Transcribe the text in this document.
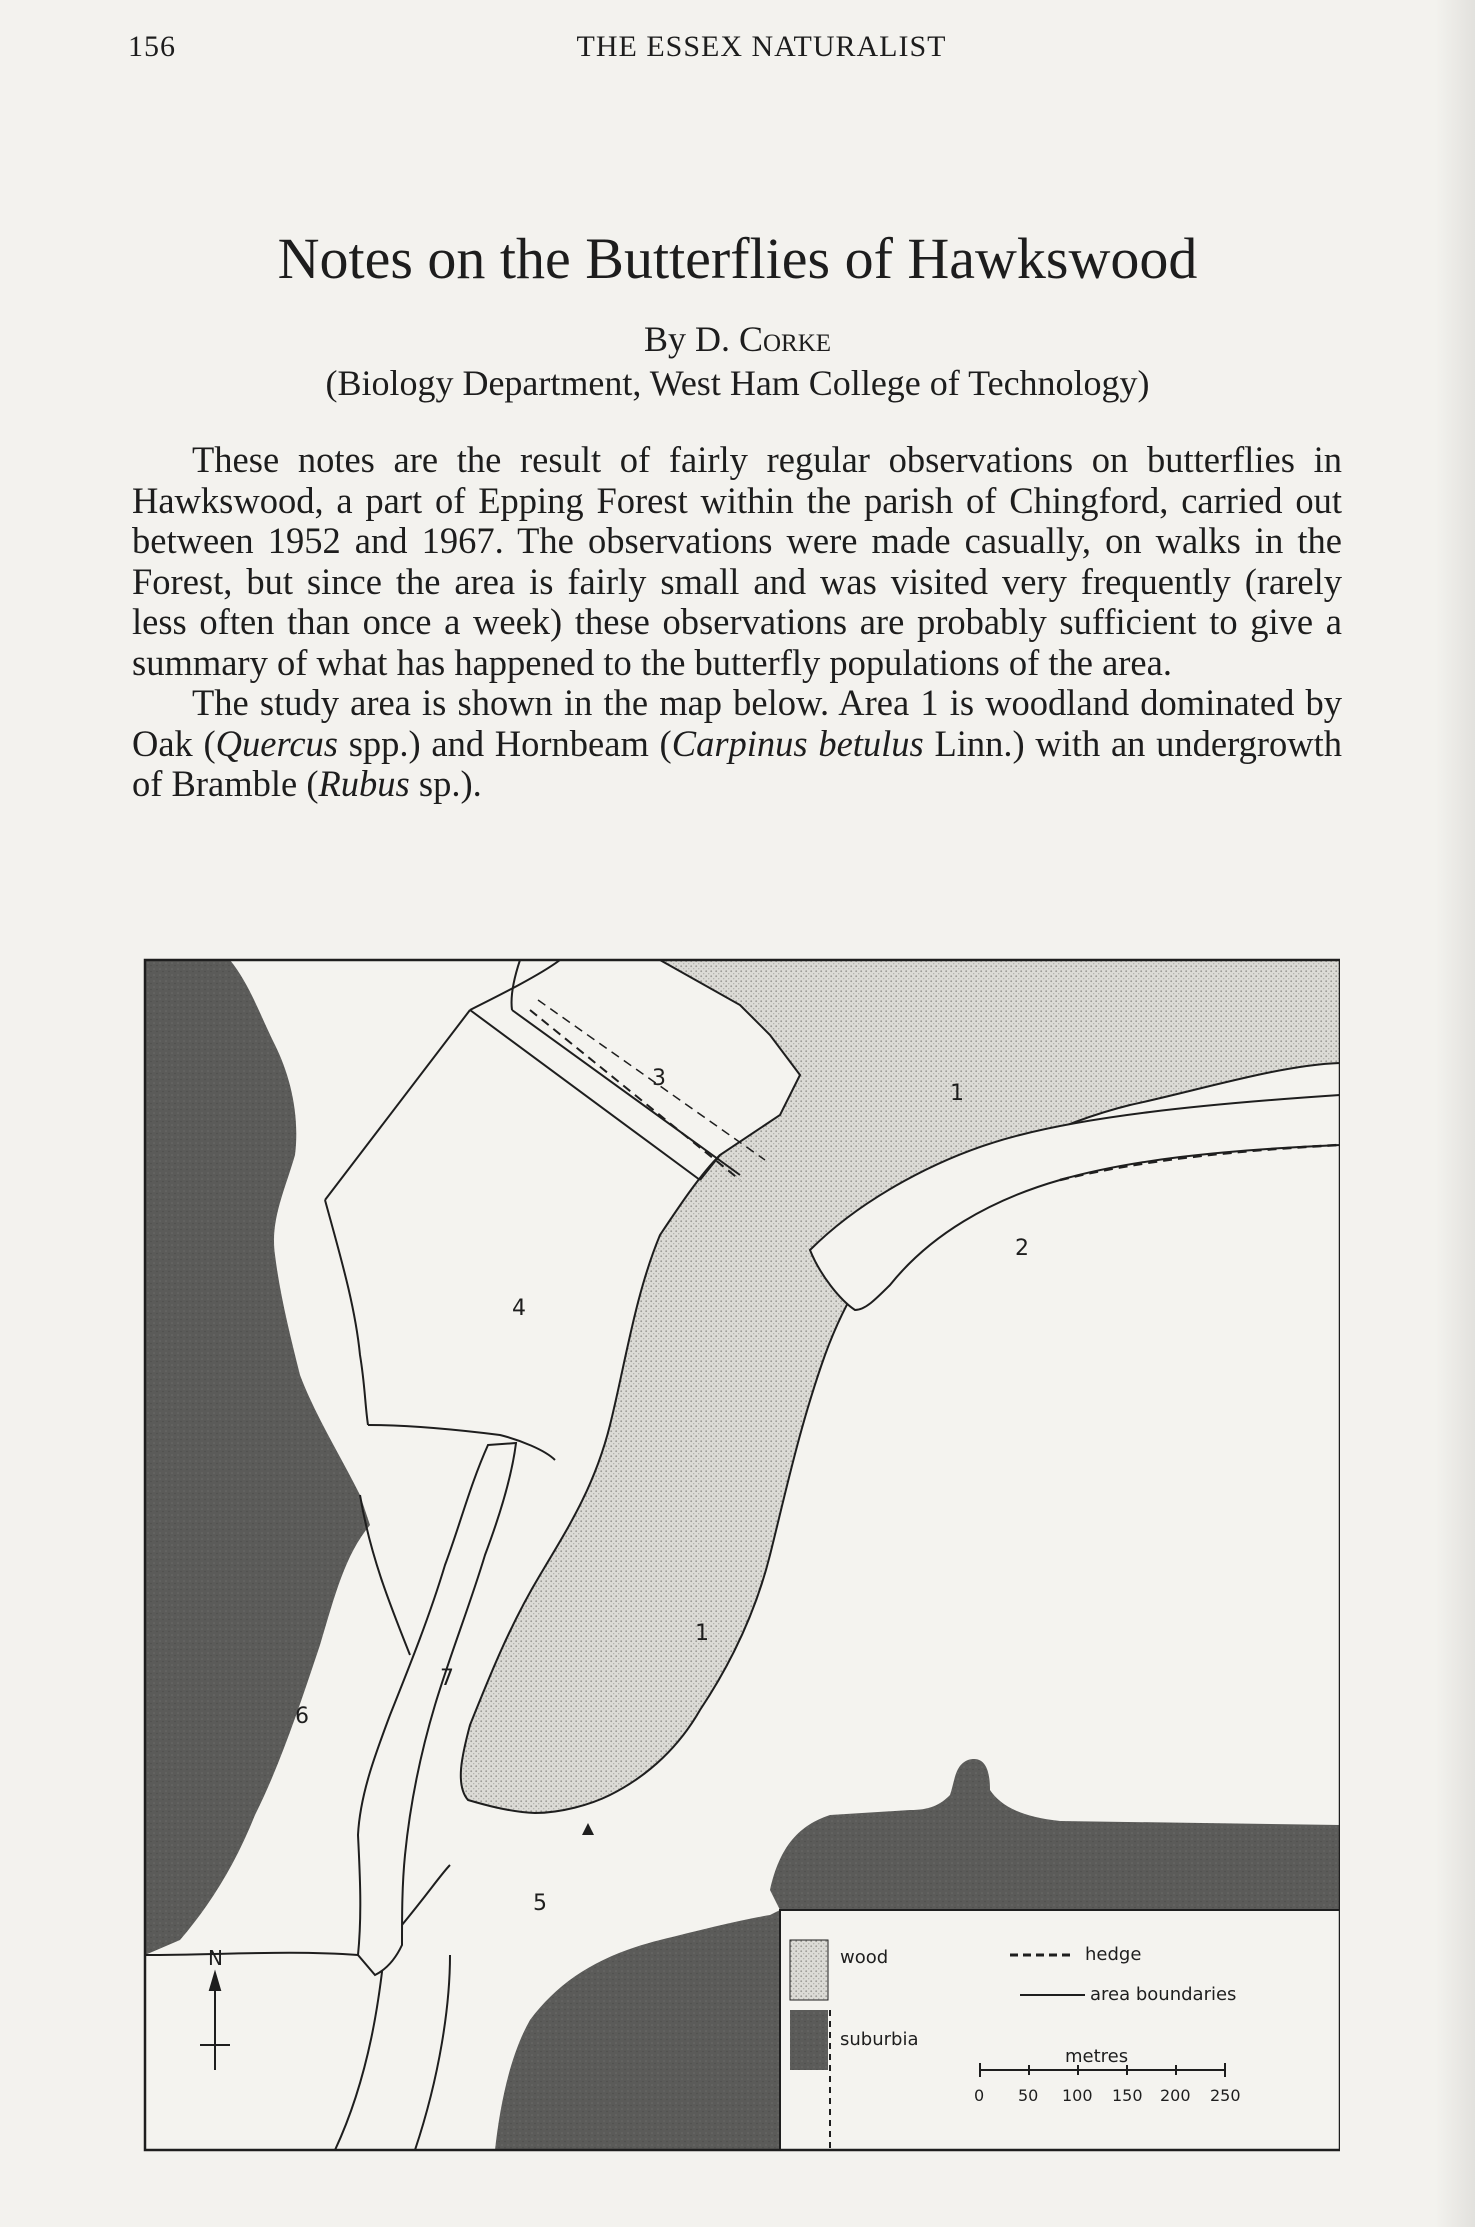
156	THE ESSEX NATURALIST
Notes on the Butterflies of Hawkswood
By D. Corke
(Biology Department, West Ham College of Technology)

These notes are the result of fairly regular observations on butterflies in Hawkswood, a part of Epping Forest within the parish of Chingford, carried out between 1952 and 1967. The observations were made casually, on walks in the Forest, but since the area is fairly small and was visited very frequently (rarely less often than once a week) these observations are probably sufficient to give a summary of what has happened to the butterfly populations of the area.

The study area is shown in the map below. Area 1 is woodland dominated by Oak (Quercus spp.) and Hornbeam (Carpinus betulus Linn.) with an undergrowth of Bramble (Rubus sp.).

3
1
2
4
1
7
6
5
N	wood
suburbia
hedge
area boundaries
metres
0 50 100 150 200 250
